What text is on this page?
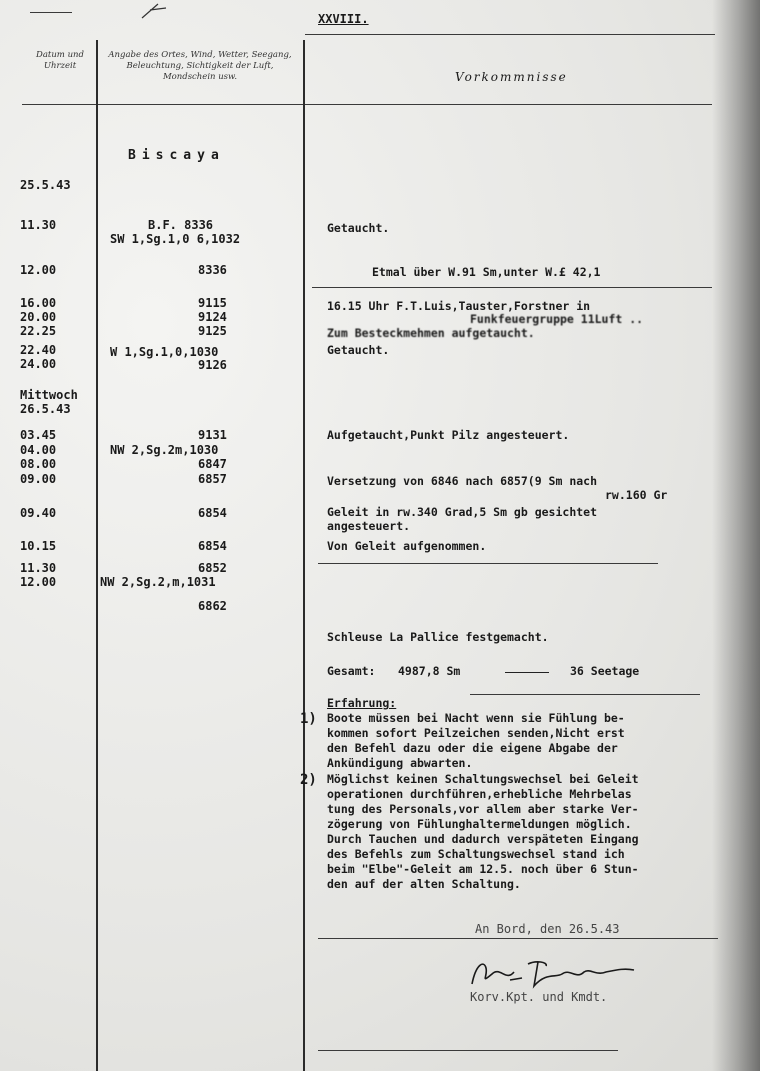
XXVIII.
Datum und Uhrzeit
Angabe des Ortes, Wind, Wetter, Seegang, Beleuchtung, Sichtigkeit der Luft, Mondschein usw.	Vorkommnisse
Biscaya
25.5.43
11.30
12.00
16.00
20.00
22.25
22.40
24.00
Mittwoch
26.5.43
03.45
04.00
08.00
09.00
09.40
10.15
11.30
12.00
B.F. 8336
SW 1,Sg.1,0 6,1032
8336
9115
9124
9125
W 1,Sg.1,0,1030
9126
9131
NW 2,Sg.2m,1030
6847
6857
6854
6854
6852
NW 2,Sg.2,m,1031
6862
Getaucht.
Etmal über W.91 Sm,unter W.£ 42,1
16.15 Uhr F.T.Luis,Tauster,Forstner in
Funkfeuergruppe 11Luft ..
Zum Besteckmehmen aufgetaucht.
Getaucht.
Aufgetaucht,Punkt Pilz angesteuert.
Versetzung von 6846 nach 6857(9 Sm nach
rw.160 Gr
Geleit in rw.340 Grad,5 Sm gb gesichtet
angesteuert.
Von Geleit aufgenommen.
Schleuse La Pallice festgemacht.
Gesamt: 4987,8 Sm	36 Seetage
Erfahrung:
1) Boote müssen bei Nacht wenn sie Fühlung be-
kommen sofort Peilzeichen senden,Nicht erst
den Befehl dazu oder die eigene Abgabe der
Ankündigung abwarten.
2) Möglichst keinen Schaltungswechsel bei Geleit
operationen durchführen,erhebliche Mehrbelas
tung des Personals,vor allem aber starke Ver-
zögerung von Fühlunghaltermeldungen möglich.
Durch Tauchen und dadurch verspäteten Eingang
des Befehls zum Schaltungswechsel stand ich
beim "Elbe"-Geleit am 12.5. noch über 6 Stun-
den auf der alten Schaltung.
An Bord, den 26.5.43
Korv.Kpt. und Kmdt.
